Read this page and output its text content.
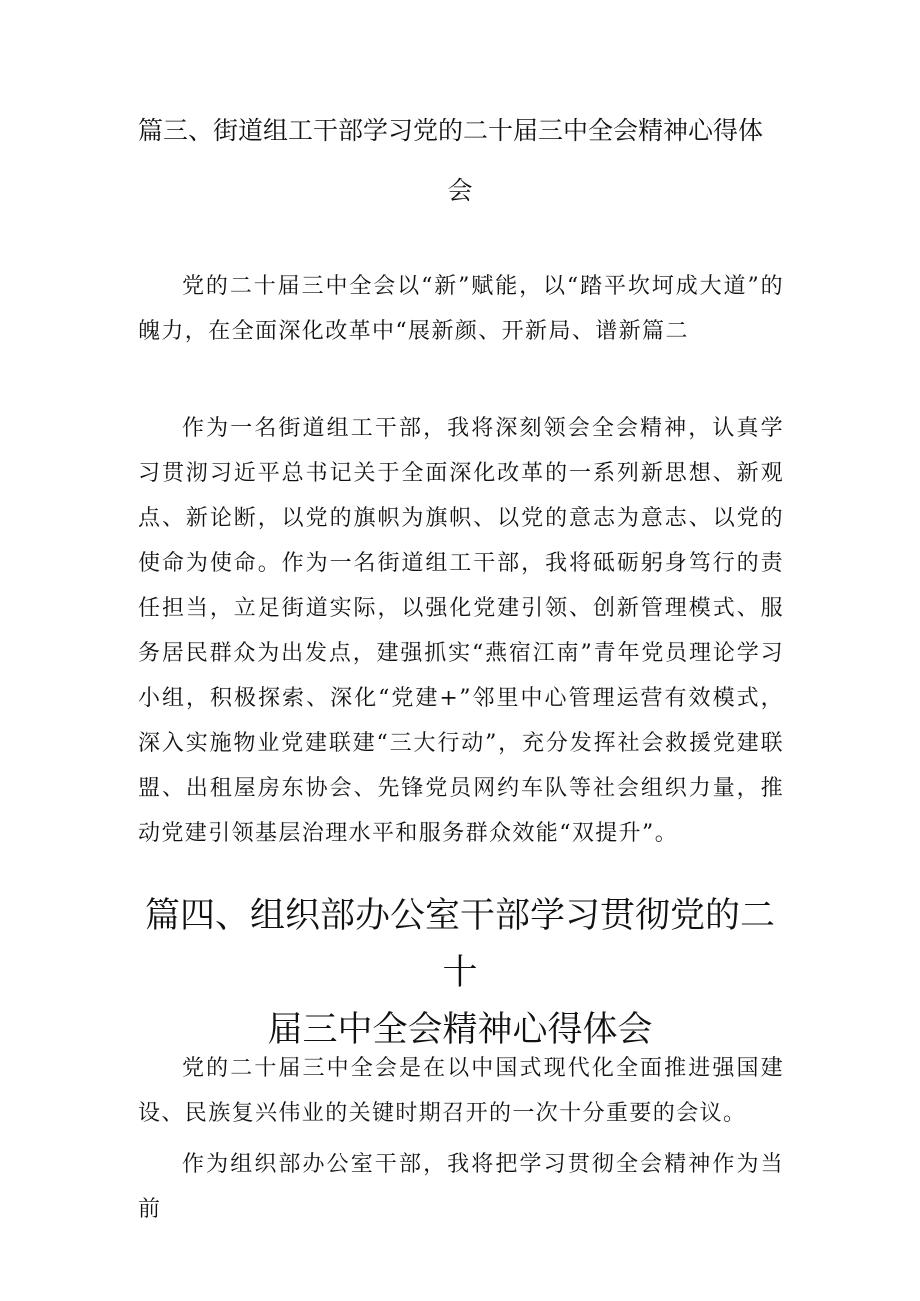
篇三、街道组工干部学习党的二十届三中全会精神心得体
会

党的二十届三中全会以“新”赋能，以“踏平坎坷成大道”的魄力，在全面深化改革中“展新颜、开新局、谱新篇二

作为一名街道组工干部，我将深刻领会全会精神，认真学习贯沏习近平总书记关于全面深化改革的一系列新思想、新观点、新论断，以党的旗帜为旗帜、以党的意志为意志、以党的使命为使命。作为一名街道组工干部，我将砥砺躬身笃行的责任担当，立足街道实际，以强化党建引领、创新管理模式、服务居民群众为出发点，建强抓实“燕宿江南”青年党员理论学习小组，积极探索、深化“党建+”邻里中心管理运营有效模式，深入实施物业党建联建“三大行动”，充分发挥社会救援党建联盟、出租屋房东协会、先锋党员网约车队等社会组织力量，推动党建引领基层治理水平和服务群众效能“双提升”。

篇四、组织部办公室干部学习贯彻党的二十
届三中全会精神心得体会

党的二十届三中全会是在以中国式现代化全面推进强国建设、民族复兴伟业的关键时期召开的一次十分重要的会议。

作为组织部办公室干部，我将把学习贯彻全会精神作为当前
